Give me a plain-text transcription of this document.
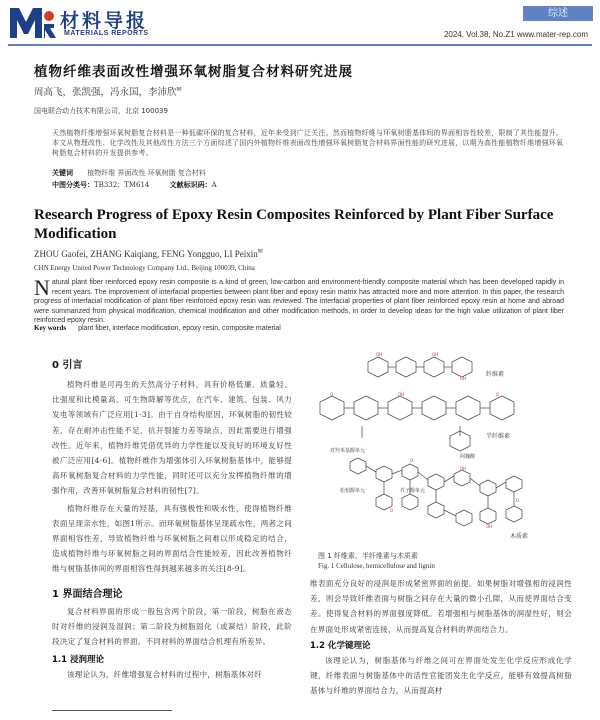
材料导报
MATERIALS REPORTS
综述
2024, Vol.38, No.Z1 www.mater-rep.com
植物纤维表面改性增强环氧树脂复合材料研究进展
周高飞，张凯强，冯永国，李沛欣✉
国电联合动力技术有限公司，北京 100039
天然植物纤维增强环氧树脂复合材料是一种低碳环保的复合材料，近年来受到广泛关注。然而植物纤维与环氧树脂基体间的界面相容性较差，限制了其性能提升。本文从物理改性、化学改性及其他改性方法三个方面综述了国内外植物纤维表面改性增强环氧树脂复合材料界面性能的研究进展，以期为高性能植物纤维增强环氧树脂复合材料的开发提供参考。
关键词 植物纤维 界面改性 环氧树脂 复合材料
中图分类号：TB332；TM614	文献标识码：A
Research Progress of Epoxy Resin Composites Reinforced by Plant Fiber Surface Modification
ZHOU Gaofei, ZHANG Kaiqiang, FENG Yongguo, LI Peixin✉
CHN Energy United Power Technology Company Ltd., Beijing 100039, China
Natural plant fiber reinforced epoxy resin composite is a kind of green, low-carbon and environment-friendly composite material which has been developed rapidly in recent years. The improvement of interfacial properties between plant fiber and epoxy resin matrix has attracted more and more attention. In this paper, the research progress of interfacial modification of plant fiber reinforced epoxy resin was reviewed. The interfacial properties of plant fiber reinforced epoxy resin at home and abroad were summarized from physical modification, chemical modification and other modification methods, in order to develop ideas for the high value utilization of plant fiber reinforced epoxy resin.
Key words plant fiber, interface modification, epoxy resin, composite material
0 引言

植物纤维是可再生的天然高分子材料，具有价格低廉、质量轻、比强度和比模量高、可生物降解等优点，在汽车、建筑、包装、风力发电等领域有广泛应用[1-3]。由于自身结构原因，环氧树脂的韧性较差，存在耐冲击性能不足、抗开裂能力差等缺点，因此需要进行增强改性。近年来，植物纤维凭借优异的力学性能以及良好的环境友好性被广泛应用[4-6]。植物纤维作为增强体引入环氧树脂基体中，能够提高环氧树脂复合材料的力学性能，同时还可以充分发挥植物纤维的增强作用，改善环氧树脂复合材料的韧性[7]。

植物纤维存在大量的羟基，具有强极性和吸水性，使得植物纤维表面呈现亲水性，如图1所示。而环氧树脂基体呈现疏水性，两者之间界面相容性差，导致植物纤维与环氧树脂之间难以形成稳定的结合，造成植物纤维与环氧树脂之间的界面结合性能较差，因此改善植物纤维与树脂基体间的界面相容性得到越来越多的关注[8-9]。

1 界面结合理论

复合材料界面的形成一般包含两个阶段，第一阶段，树脂在液态时对纤维的浸润及湿润；第二阶段为树脂固化（或凝结）阶段，此阶段决定了复合材料的界面。不同材料的界面结合机理有所差异。

1.1 浸润理论

该理论认为，纤维增强复合材料的过程中，树脂基体对纤

OH	OH
OH
O	OH	O
O
OH
O
OH
O
纤维素
半纤维素
对羟苯基醇单元
阿魏酸
松柏醇单元	芥子醇单元
木质素
图 1 纤维素、半纤维素与木质素
Fig. 1 Cellulose, hemicellulose and lignin

维表面充分良好的浸润是形成紧密界面的前提。如果树脂对增强相的浸润性差，则会导致纤维表面与树脂之间存在大量的微小孔隙，从而使界面结合变差。使得复合材料的界面强度降低。若增强相与树脂基体的润湿性好，则会在界面处形成紧密连接，从而提高复合材料的界面结合力。

1.2 化学键理论

该理论认为，树脂基体与纤维之间可在界面处发生化学反应形成化学键，纤维表面与树脂基体中的活性官能团发生化学反应，能够有效提高树脂基体与纤维的界面结合力，从而提高材
